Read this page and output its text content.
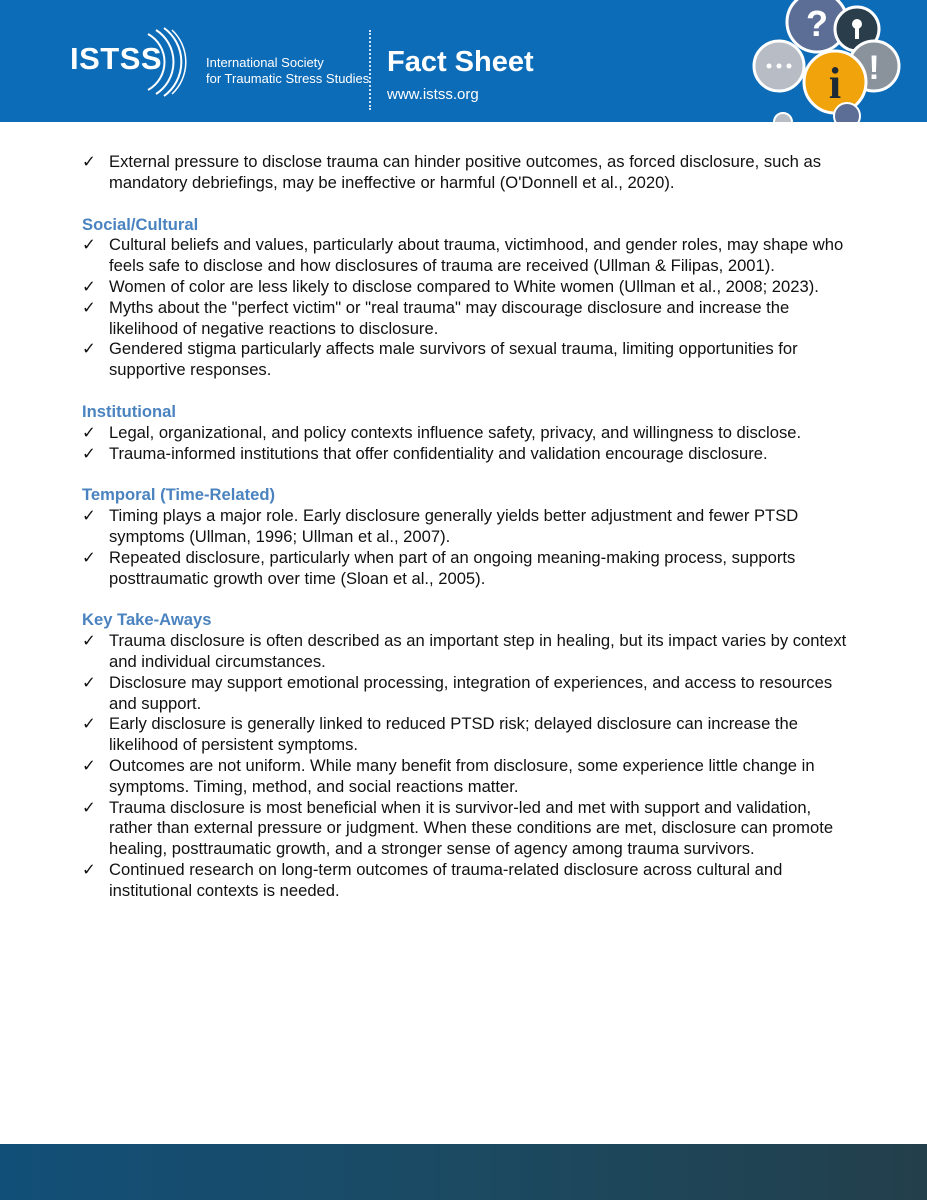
ISTSS	International Society
for Traumatic Stress Studies
Fact Sheet
www.istss.org
?
!
i
✓ External pressure to disclose trauma can hinder positive outcomes, as forced disclosure, such as mandatory debriefings, may be ineffective or harmful (O'Donnell et al., 2020).
Social/Cultural
✓ Cultural beliefs and values, particularly about trauma, victimhood, and gender roles, may shape who feels safe to disclose and how disclosures of trauma are received (Ullman & Filipas, 2001).
✓ Women of color are less likely to disclose compared to White women (Ullman et al., 2008; 2023).
✓ Myths about the "perfect victim" or "real trauma" may discourage disclosure and increase the likelihood of negative reactions to disclosure.
✓ Gendered stigma particularly affects male survivors of sexual trauma, limiting opportunities for supportive responses.
Institutional
✓ Legal, organizational, and policy contexts influence safety, privacy, and willingness to disclose.
✓ Trauma-informed institutions that offer confidentiality and validation encourage disclosure.
Temporal (Time-Related)
✓ Timing plays a major role. Early disclosure generally yields better adjustment and fewer PTSD symptoms (Ullman, 1996; Ullman et al., 2007).
✓ Repeated disclosure, particularly when part of an ongoing meaning-making process, supports posttraumatic growth over time (Sloan et al., 2005).
Key Take-Aways
✓ Trauma disclosure is often described as an important step in healing, but its impact varies by context and individual circumstances.
✓ Disclosure may support emotional processing, integration of experiences, and access to resources and support.
✓ Early disclosure is generally linked to reduced PTSD risk; delayed disclosure can increase the likelihood of persistent symptoms.
✓ Outcomes are not uniform. While many benefit from disclosure, some experience little change in symptoms. Timing, method, and social reactions matter.
✓ Trauma disclosure is most beneficial when it is survivor-led and met with support and validation, rather than external pressure or judgment. When these conditions are met, disclosure can promote healing, posttraumatic growth, and a stronger sense of agency among trauma survivors.
✓ Continued research on long-term outcomes of trauma-related disclosure across cultural and institutional contexts is needed.
